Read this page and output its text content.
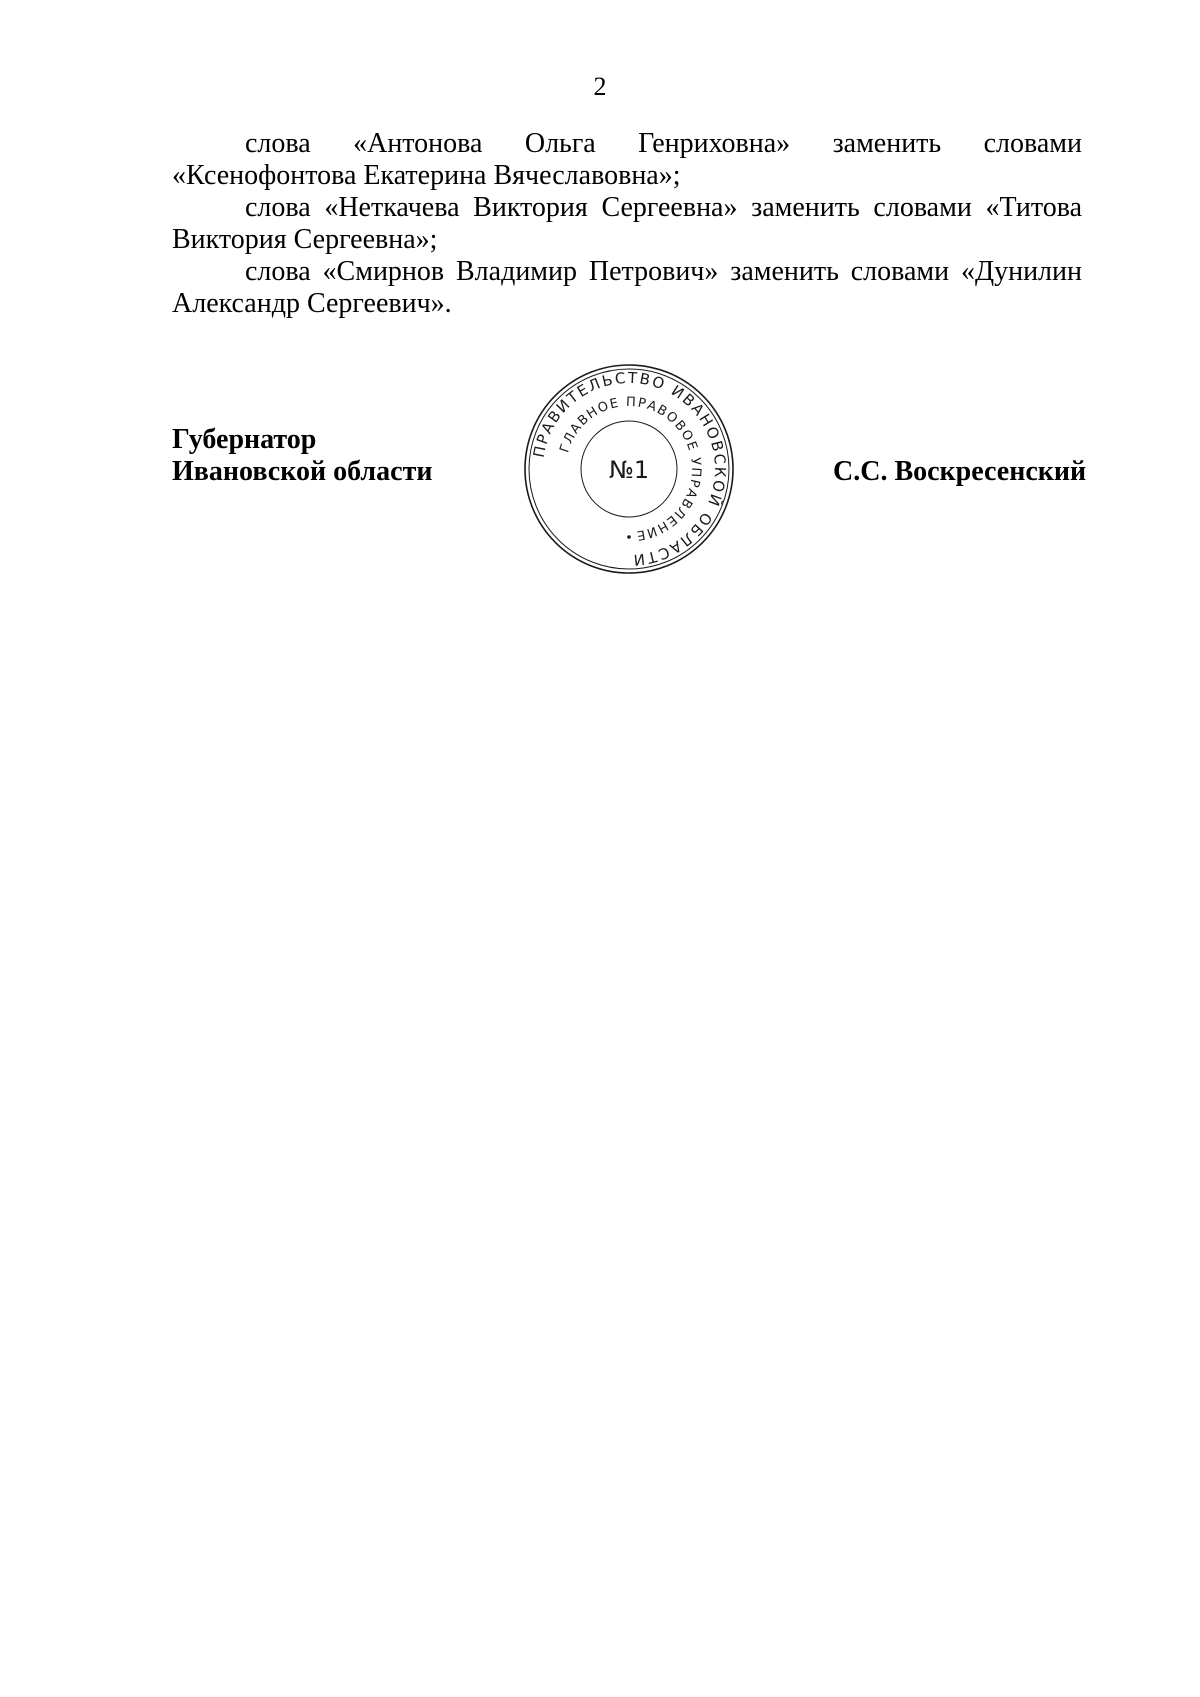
2

слова «Антонова Ольга Генриховна» заменить словами «Ксенофонтова Екатерина Вячеславовна»;

слова «Неткачева Виктория Сергеевна» заменить словами «Титова Виктория Сергеевна»;

слова «Смирнов Владимир Петрович» заменить словами «Дунилин Александр Сергеевич».

Губернатор
Ивановской области	С.С. Воскресенский
ПРАВИТЕЛЬСТВО ИВАНОВСКОЙ ОБЛАСТИ
ГЛАВНОЕ ПРАВОВОЕ УПРАВЛЕНИЕ
№1
